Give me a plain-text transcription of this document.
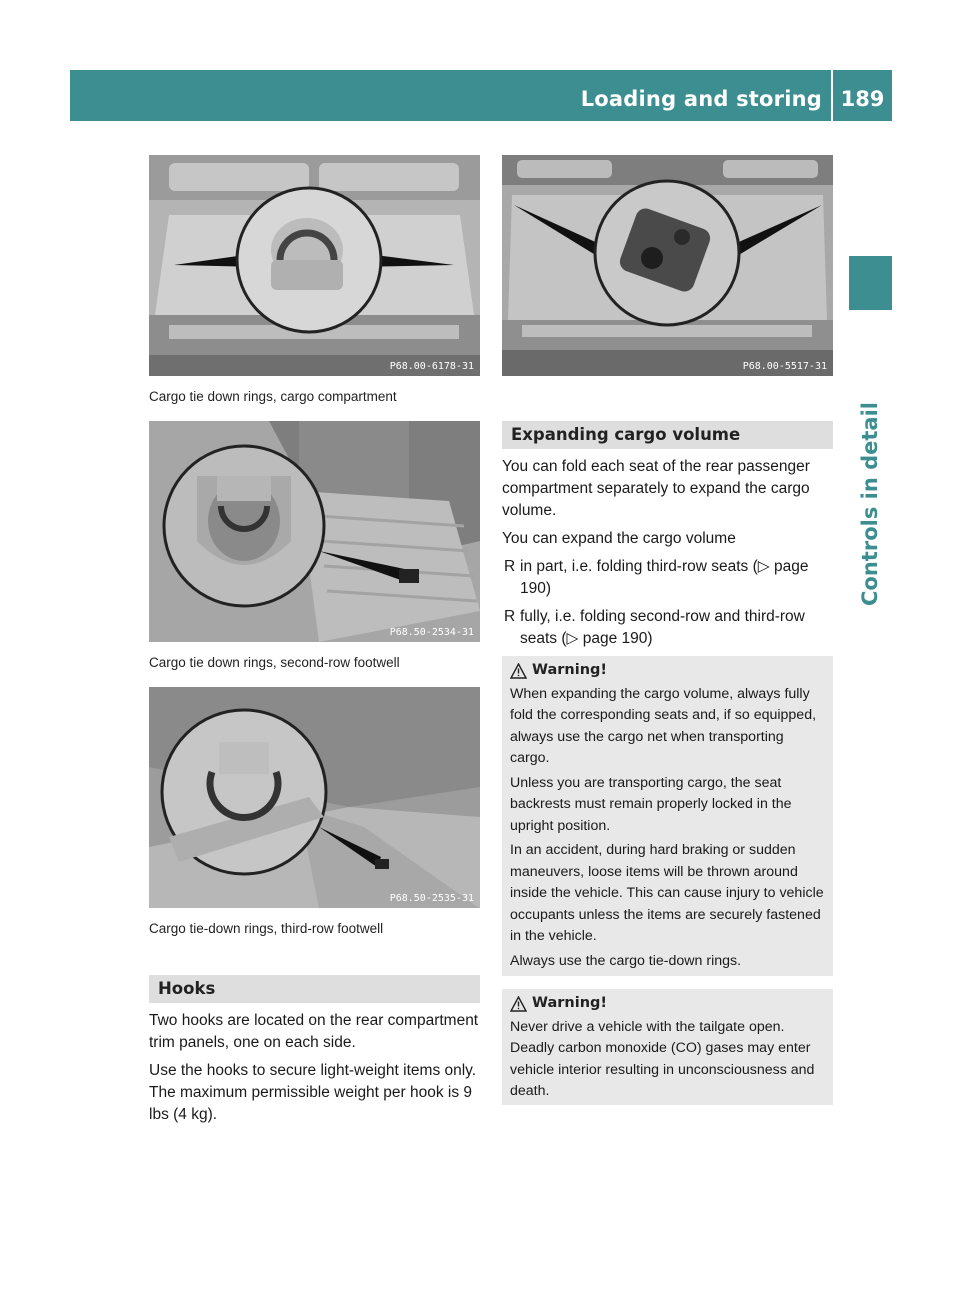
Loading and storing 189
Controls in detail
P68.00-6178-31
Cargo tie down rings, cargo compartment
P68.50-2534-31
Cargo tie down rings, second-row footwell
P68.50-2535-31
Cargo tie-down rings, third-row footwell
Hooks

Two hooks are located on the rear compartment trim panels, one on each side.

Use the hooks to secure light-weight items only. The maximum permissible weight per hook is 9 lbs (4 kg).

P68.00-5517-31
Expanding cargo volume

You can fold each seat of the rear passenger compartment separately to expand the cargo volume.

You can expand the cargo volume

R in part, i.e. folding third-row seats (▷ page 190)
R fully, i.e. folding second-row and third-row seats (▷ page 190)
Warning!

When expanding the cargo volume, always fully fold the corresponding seats and, if so equipped, always use the cargo net when transporting cargo.

Unless you are transporting cargo, the seat backrests must remain properly locked in the upright position.

In an accident, during hard braking or sudden maneuvers, loose items will be thrown around inside the vehicle. This can cause injury to vehicle occupants unless the items are securely fastened in the vehicle.

Always use the cargo tie-down rings.

Warning!

Never drive a vehicle with the tailgate open. Deadly carbon monoxide (CO) gases may enter vehicle interior resulting in unconsciousness and death.
